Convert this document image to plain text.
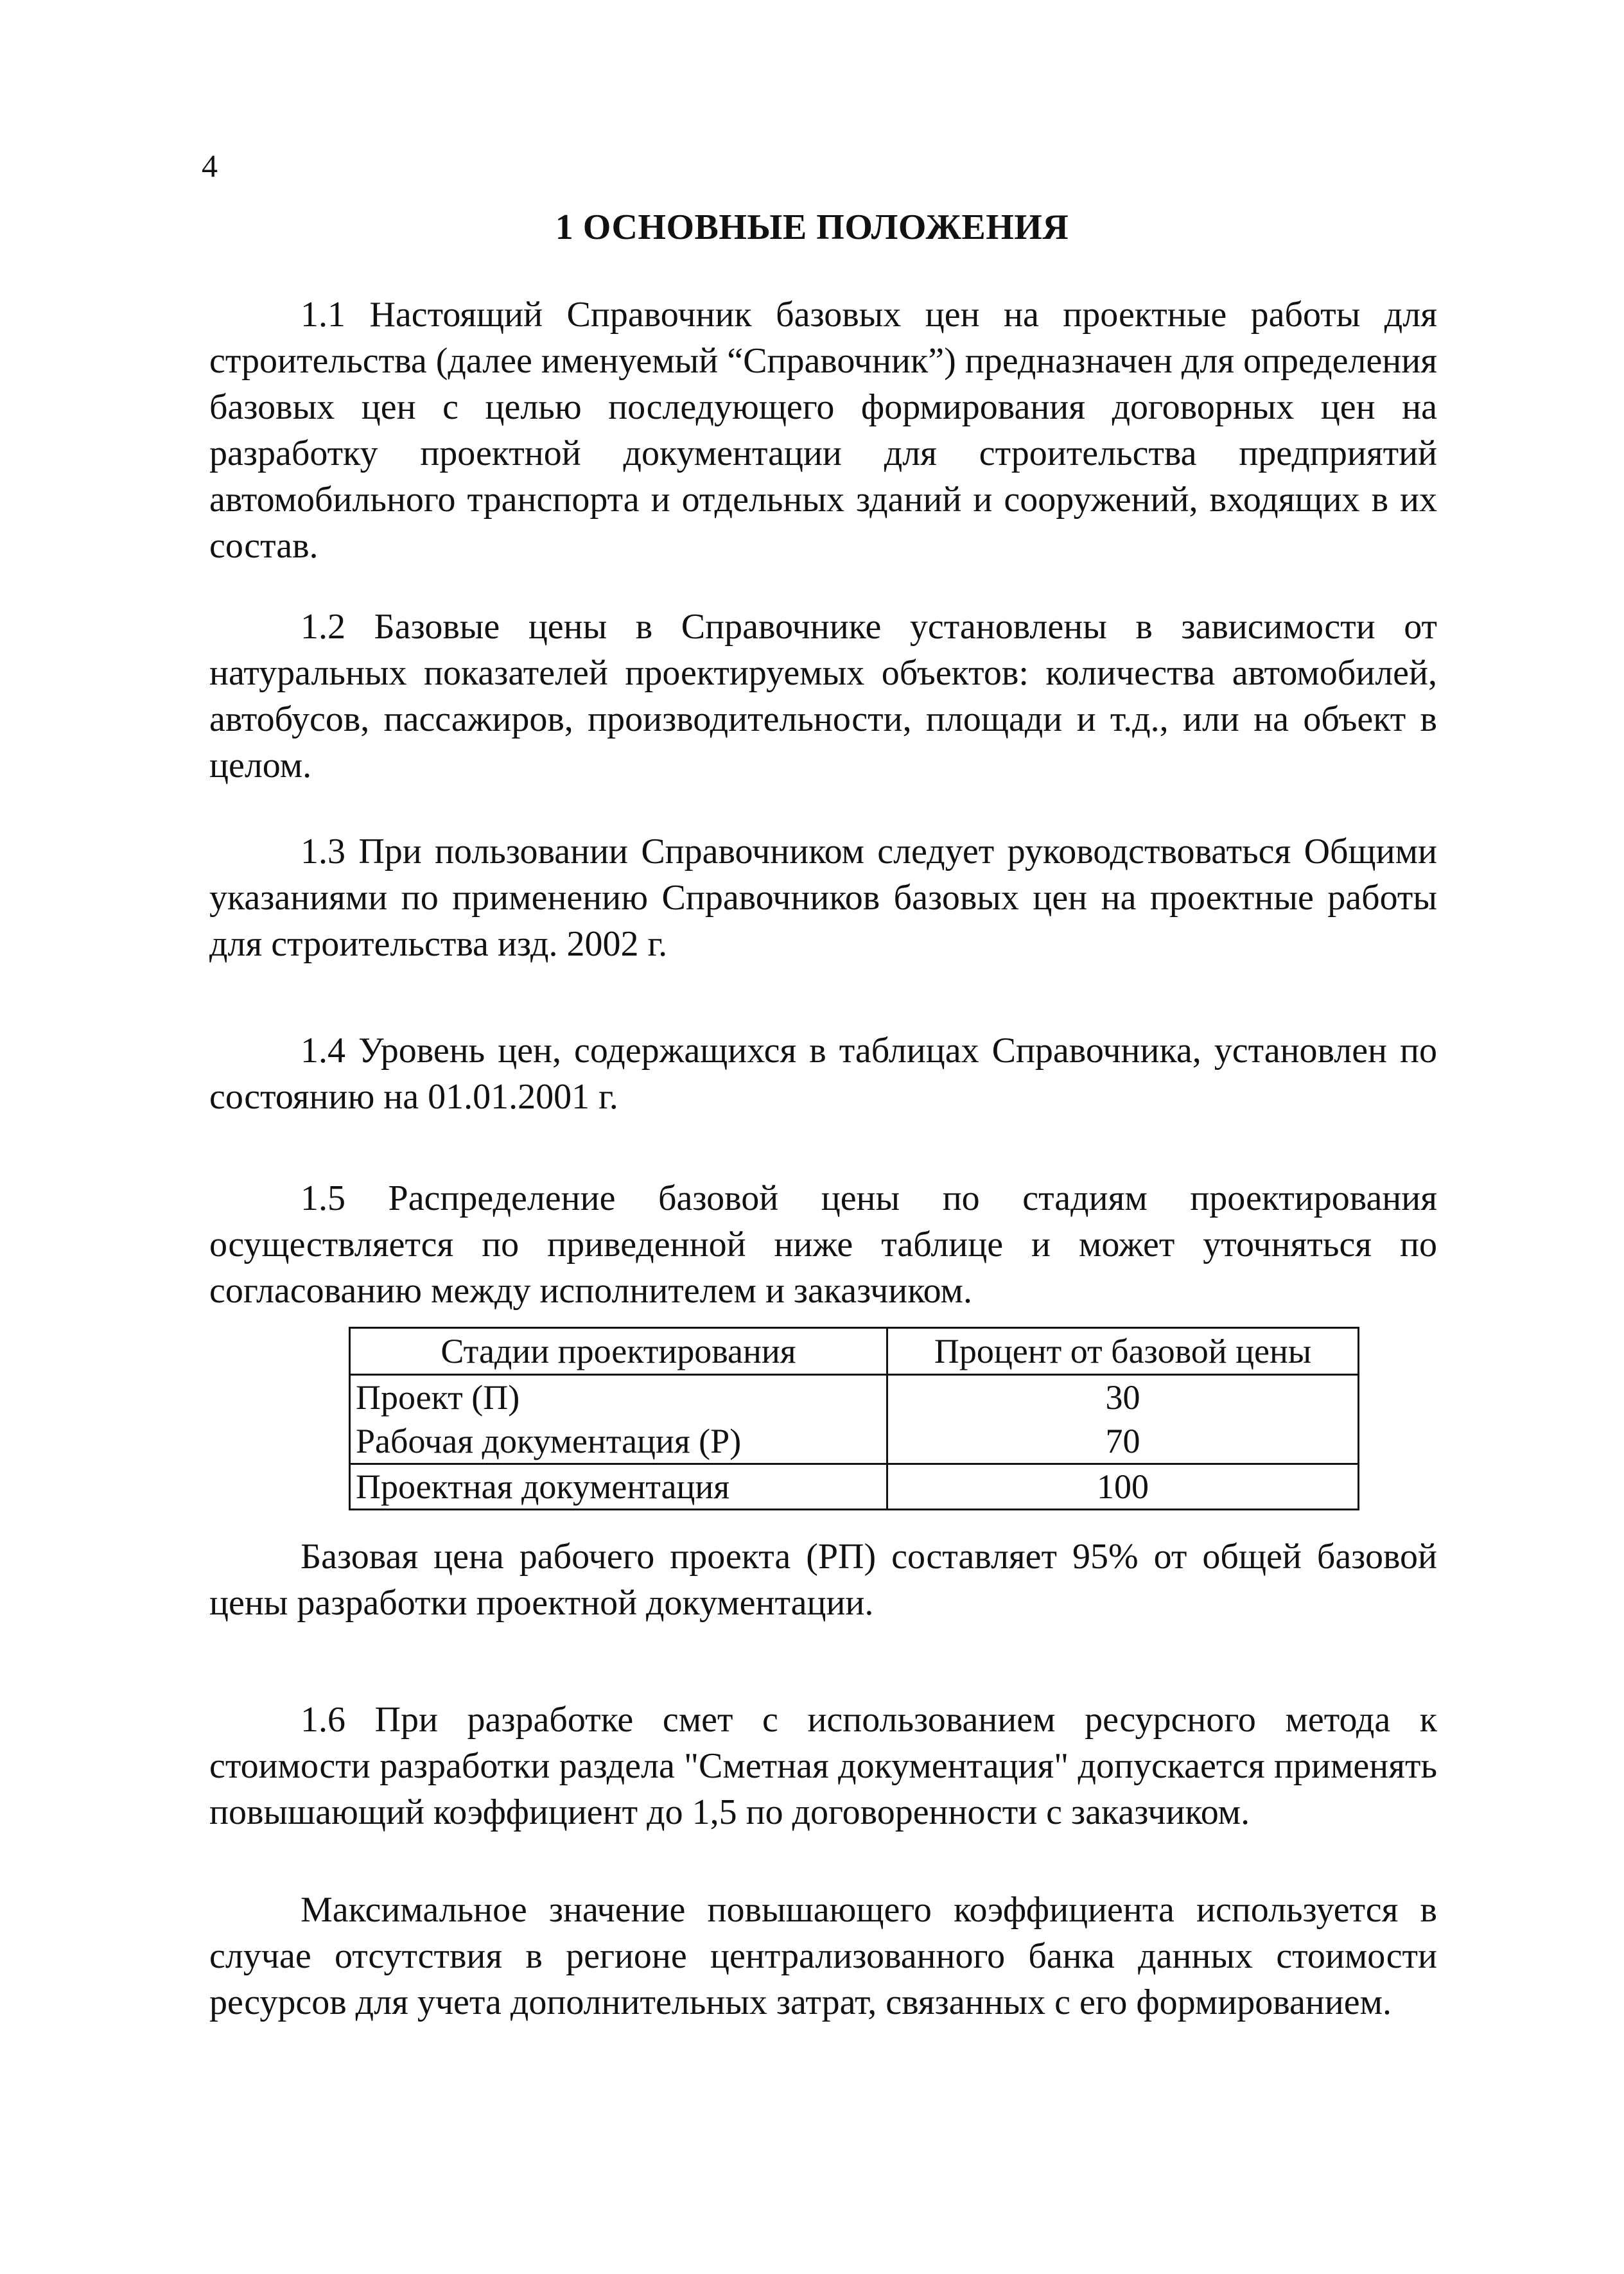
4
1 ОСНОВНЫЕ ПОЛОЖЕНИЯ

1.1 Настоящий Справочник базовых цен на проектные работы для строительства (далее именуемый “Справочник”) предназначен для определения базовых цен с целью последующего формирования договорных цен на разработку проектной документации для строительства предприятий автомобильного транспорта и отдельных зданий и сооружений, входящих в их состав.

1.2 Базовые цены в Справочнике установлены в зависимости от натуральных показателей проектируемых объектов: количества автомобилей, автобусов, пассажиров, производительности, площади и т.д., или на объект в целом.

1.3 При пользовании Справочником следует руководствоваться Общими указаниями по применению Справочников базовых цен на проектные работы для строительства изд. 2002 г.

1.4 Уровень цен, содержащихся в таблицах Справочника, установлен по состоянию на 01.01.2001 г.

1.5 Распределение базовой цены по стадиям проектирования осуществляется по приведенной ниже таблице и может уточняться по согласованию между исполнителем и заказчиком.

Стадии проектирования	Процент от базовой цены
Проект (П)	30
Рабочая документация (Р)	70
Проектная документация	100

Базовая цена рабочего проекта (РП) составляет 95% от общей базовой цены разработки проектной документации.

1.6 При разработке смет с использованием ресурсного метода к стоимости разработки раздела "Сметная документация" допускается применять повышающий коэффициент до 1,5 по договоренности с заказчиком.

Максимальное значение повышающего коэффициента используется в случае отсутствия в регионе централизованного банка данных стоимости ресурсов для учета дополнительных затрат, связанных с его формированием.
